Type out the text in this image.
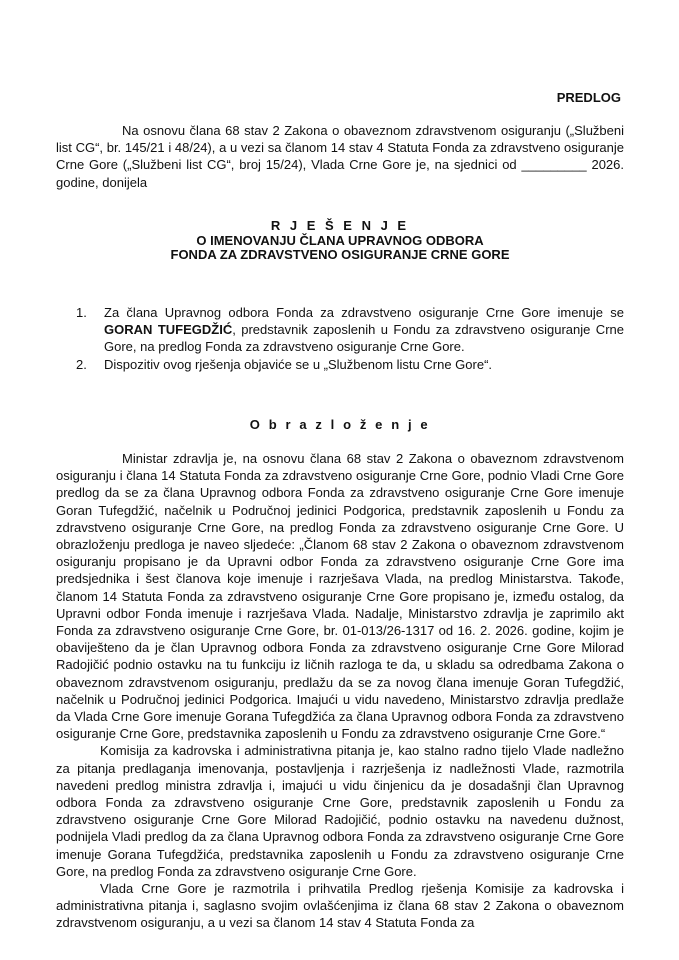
PREDLOG
Na osnovu člana 68 stav 2 Zakona o obaveznom zdravstvenom osiguranju („Službeni list CG“, br. 145/21 i 48/24), a u vezi sa članom 14 stav 4 Statuta Fonda za zdravstveno osiguranje Crne Gore („Službeni list CG“, broj 15/24), Vlada Crne Gore je, na sjednici od _________ 2026. godine, donijela
R J E Š E N J E
O IMENOVANJU ČLANA UPRAVNOG ODBORA
FONDA ZA ZDRAVSTVENO OSIGURANJE CRNE GORE
1. Za člana Upravnog odbora Fonda za zdravstveno osiguranje Crne Gore imenuje se GORAN TUFEGDŽIĆ, predstavnik zaposlenih u Fondu za zdravstveno osiguranje Crne Gore, na predlog Fonda za zdravstveno osiguranje Crne Gore.
2. Dispozitiv ovog rješenja objaviće se u „Službenom listu Crne Gore“.
O b r a z l o ž e n j e

Ministar zdravlja je, na osnovu člana 68 stav 2 Zakona o obaveznom zdravstvenom osiguranju i člana 14 Statuta Fonda za zdravstveno osiguranje Crne Gore, podnio Vladi Crne Gore predlog da se za člana Upravnog odbora Fonda za zdravstveno osiguranje Crne Gore imenuje Goran Tufegdžić, načelnik u Područnoj jedinici Podgorica, predstavnik zaposlenih u Fondu za zdravstveno osiguranje Crne Gore, na predlog Fonda za zdravstveno osiguranje Crne Gore. U obrazloženju predloga je naveo sljedeće: „Članom 68 stav 2 Zakona o obaveznom zdravstvenom osiguranju propisano je da Upravni odbor Fonda za zdravstveno osiguranje Crne Gore ima predsjednika i šest članova koje imenuje i razrješava Vlada, na predlog Ministarstva. Takođe, članom 14 Statuta Fonda za zdravstveno osiguranje Crne Gore propisano je, između ostalog, da Upravni odbor Fonda imenuje i razrješava Vlada. Nadalje, Ministarstvo zdravlja je zaprimilo akt Fonda za zdravstveno osiguranje Crne Gore, br. 01-013/26-1317 od 16. 2. 2026. godine, kojim je obaviješteno da je član Upravnog odbora Fonda za zdravstveno osiguranje Crne Gore Milorad Radojičić podnio ostavku na tu funkciju iz ličnih razloga te da, u skladu sa odredbama Zakona o obaveznom zdravstvenom osiguranju, predlažu da se za novog člana imenuje Goran Tufegdžić, načelnik u Područnoj jedinici Podgorica. Imajući u vidu navedeno, Ministarstvo zdravlja predlaže da Vlada Crne Gore imenuje Gorana Tufegdžića za člana Upravnog odbora Fonda za zdravstveno osiguranje Crne Gore, predstavnika zaposlenih u Fondu za zdravstveno osiguranje Crne Gore.“

Komisija za kadrovska i administrativna pitanja je, kao stalno radno tijelo Vlade nadležno za pitanja predlaganja imenovanja, postavljenja i razrješenja iz nadležnosti Vlade, razmotrila navedeni predlog ministra zdravlja i, imajući u vidu činjenicu da je dosadašnji član Upravnog odbora Fonda za zdravstveno osiguranje Crne Gore, predstavnik zaposlenih u Fondu za zdravstveno osiguranje Crne Gore Milorad Radojičić, podnio ostavku na navedenu dužnost, podnijela Vladi predlog da za člana Upravnog odbora Fonda za zdravstveno osiguranje Crne Gore imenuje Gorana Tufegdžića, predstavnika zaposlenih u Fondu za zdravstveno osiguranje Crne Gore, na predlog Fonda za zdravstveno osiguranje Crne Gore.

Vlada Crne Gore je razmotrila i prihvatila Predlog rješenja Komisije za kadrovska i administrativna pitanja i, saglasno svojim ovlašćenjima iz člana 68 stav 2 Zakona o obaveznom zdravstvenom osiguranju, a u vezi sa članom 14 stav 4 Statuta Fonda za
